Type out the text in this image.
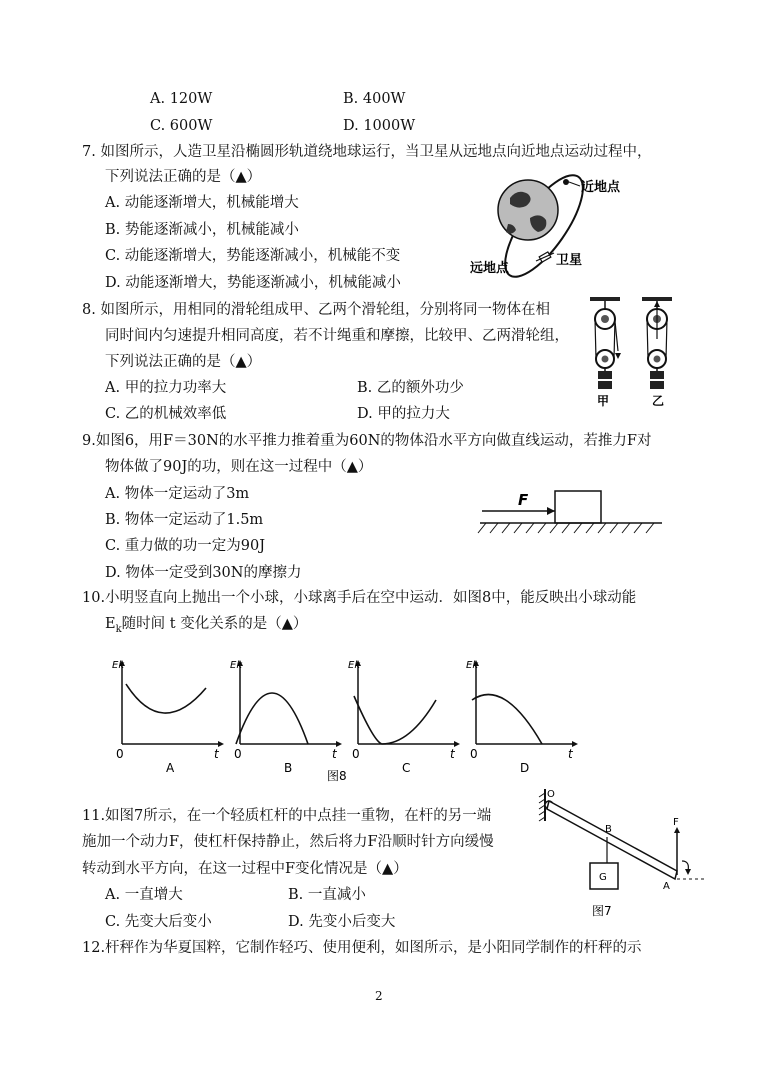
A. 120W	B. 400W
C. 600W	D. 1000W
7. 如图所示，人造卫星沿椭圆形轨道绕地球运行，当卫星从远地点向近地点运动过程中，
下列说法正确的是（▲）
A. 动能逐渐增大，机械能增大
B. 势能逐渐减小，机械能减小
C. 动能逐渐增大，势能逐渐减小，机械能不变
D. 动能逐渐增大，势能逐渐减小，机械能减小
近地点
卫星
远地点
8. 如图所示，用相同的滑轮组成甲、乙两个滑轮组，分别将同一物体在相
同时间内匀速提升相同高度，若不计绳重和摩擦，比较甲、乙两滑轮组，
下列说法正确的是（▲）
A. 甲的拉力功率大	B. 乙的额外功少
C. 乙的机械效率低	D. 甲的拉力大
甲	乙
9.如图6，用F＝30N的水平推力推着重为60N的物体沿水平方向做直线运动，若推力F对
物体做了90J的功，则在这一过程中（▲）
A. 物体一定运动了3m
B. 物体一定运动了1.5m
C. 重力做的功一定为90J
D. 物体一定受到30N的摩擦力
F
10.小明竖直向上抛出一个小球，小球离手后在空中运动．如图8中，能反映出小球动能
$E_k$随时间 t 变化关系的是（▲）
Ek
t
0
A
Ek
t
0
B
Ek
t
0
C
Ek
t
0
D
图8
11.如图7所示，在一个轻质杠杆的中点挂一重物，在杆的另一端
施加一个动力F，使杠杆保持静止，然后将力F沿顺时针方向缓慢
转动到水平方向，在这一过程中F变化情况是（▲）
A. 一直增大	B. 一直减小
C. 先变大后变小	D. 先变小后变大
O
B
G
F
A
图7
12.杆秤作为华夏国粹，它制作轻巧、使用便利，如图所示，是小阳同学制作的杆秤的示
2
